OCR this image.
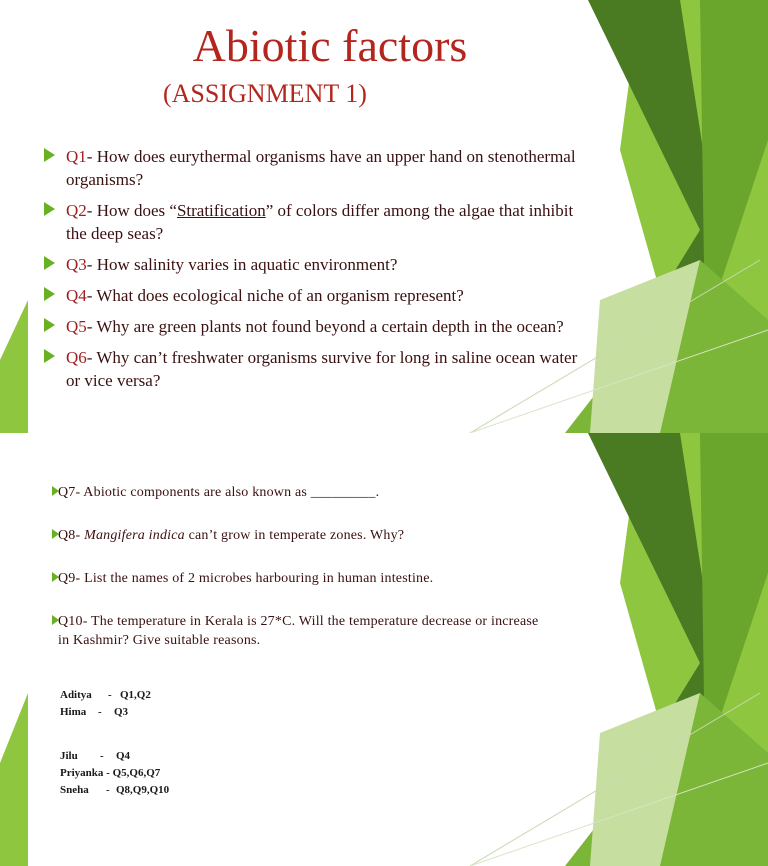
Abiotic factors
(ASSIGNMENT 1)
Q1- How does eurythermal organisms have an upper hand on stenothermal organisms?
Q2- How does “Stratification” of colors differ among the algae that inhibit the deep seas?
Q3- How salinity varies in aquatic environment?
Q4- What does ecological niche of an organism represent?
Q5- Why are green plants not found beyond a certain depth in the ocean?
Q6- Why can’t freshwater organisms survive for long in saline ocean water or vice versa?
Q7- Abiotic components are also known as _________.
Q8- Mangifera indica can’t grow in temperate zones. Why?
Q9- List the names of 2 microbes harbouring in human intestine.
Q10- The temperature in Kerala is 27*C. Will the temperature decrease or increase in Kashmir? Give suitable reasons.
Aditya - Q1,Q2
Hima - Q3
Jilu - Q4
Priyanka - Q5,Q6,Q7
Sneha - Q8,Q9,Q10
